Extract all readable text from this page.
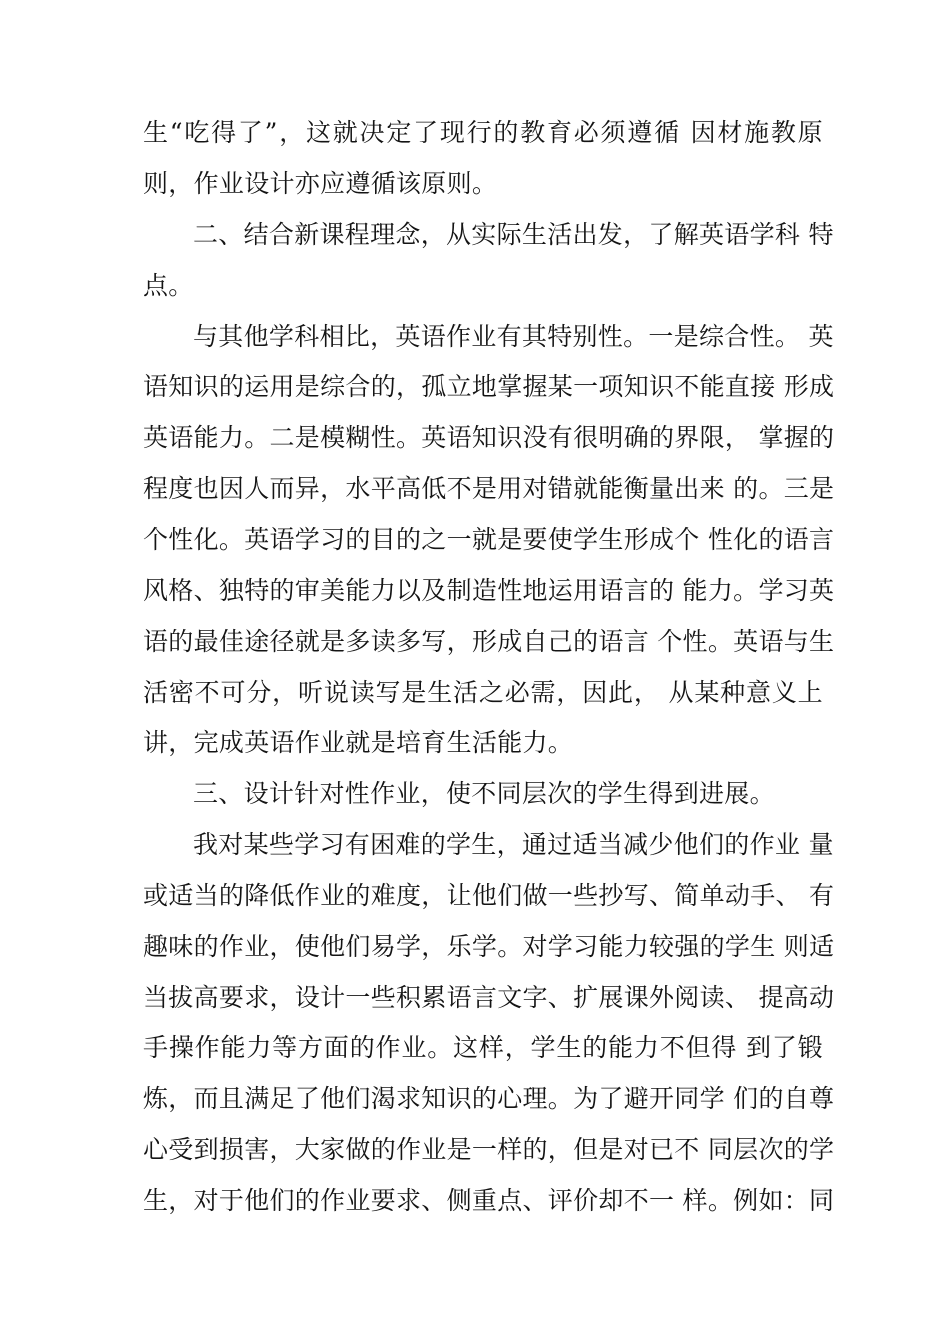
生“吃得了”，这就决定了现行的教育必须遵循 因材施教原
则，作业设计亦应遵循该原则。
二、结合新课程理念，从实际生活出发，了解英语学科 特
点。
与其他学科相比，英语作业有其特别性。一是综合性。 英
语知识的运用是综合的，孤立地掌握某一项知识不能直接 形成
英语能力。二是模糊性。英语知识没有很明确的界限， 掌握的
程度也因人而异，水平高低不是用对错就能衡量出来 的。三是
个性化。英语学习的目的之一就是要使学生形成个 性化的语言
风格、独特的审美能力以及制造性地运用语言的 能力。学习英
语的最佳途径就是多读多写，形成自己的语言 个性。英语与生
活密不可分，听说读写是生活之必需，因此， 从某种意义上
讲，完成英语作业就是培育生活能力。
三、设计针对性作业，使不同层次的学生得到进展。
我对某些学习有困难的学生，通过适当减少他们的作业 量
或适当的降低作业的难度，让他们做一些抄写、简单动手、 有
趣味的作业，使他们易学，乐学。对学习能力较强的学生 则适
当拔高要求，设计一些积累语言文字、扩展课外阅读、 提高动
手操作能力等方面的作业。这样，学生的能力不但得 到了锻
炼，而且满足了他们渴求知识的心理。为了避开同学 们的自尊
心受到损害，大家做的作业是一样的，但是对已不 同层次的学
生，对于他们的作业要求、侧重点、评价却不一 样。例如：同
